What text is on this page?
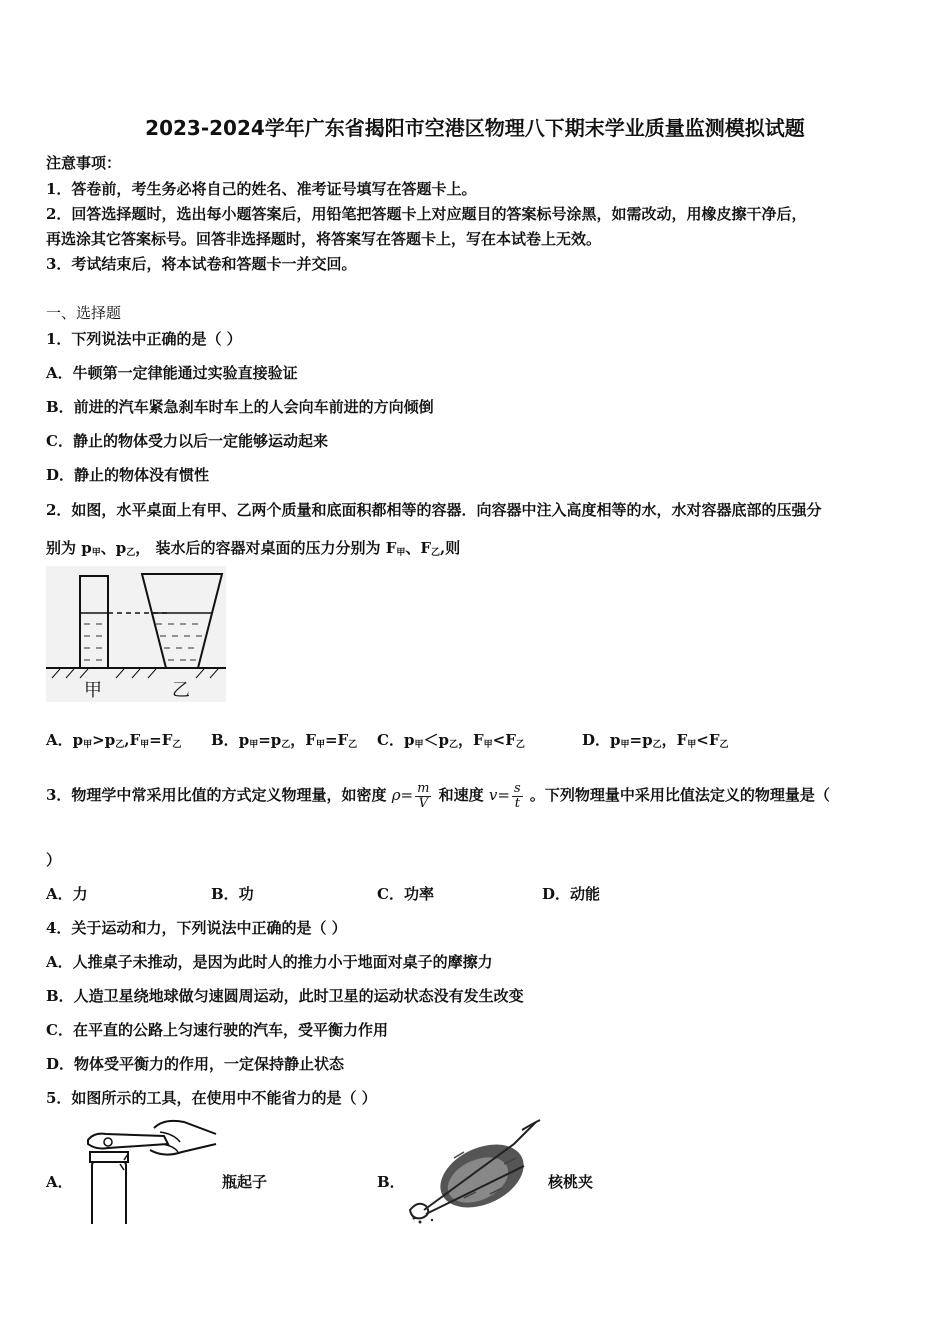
2023-2024学年广东省揭阳市空港区物理八下期末学业质量监测模拟试题
注意事项：
1．答卷前，考生务必将自己的姓名、准考证号填写在答题卡上。
2．回答选择题时，选出每小题答案后，用铅笔把答题卡上对应题目的答案标号涂黑，如需改动，用橡皮擦干净后，
再选涂其它答案标号。回答非选择题时，将答案写在答题卡上，写在本试卷上无效。
3．考试结束后，将本试卷和答题卡一并交回。
一、选择题
1．下列说法中正确的是（ ）
A．牛顿第一定律能通过实验直接验证
B．前进的汽车紧急刹车时车上的人会向车前进的方向倾倒
C．静止的物体受力以后一定能够运动起来
D．静止的物体没有惯性
2．如图，水平桌面上有甲、乙两个质量和底面积都相等的容器．向容器中注入高度相等的水，水对容器底部的压强分
别为 $p_甲$、$p_乙$， 装水后的容器对桌面的压力分别为 $F_甲$、$F_乙$,则
甲	乙
A．$p_甲>p_乙,F_甲=F_乙$ B．$p_甲=p_乙$，$F_甲=F_乙$ C．$p_甲<p_乙$，$F_甲<F_乙$	D．$p_甲=p_乙$，$F_甲<F_乙$
3．物理学中常采用比值的方式定义物理量，如密度 $\rho= \frac{m}{V}$ 和速度 $v= \frac{s}{t}$ 。下列物理量中采用比值法定义的物理量是（
）
A．力	B．功	C．功率	D．动能
4．关于运动和力，下列说法中正确的是（ ）
A．人推桌子未推动，是因为此时人的推力小于地面对桌子的摩擦力
B．人造卫星绕地球做匀速圆周运动，此时卫星的运动状态没有发生改变
C．在平直的公路上匀速行驶的汽车，受平衡力作用
D．物体受平衡力的作用，一定保持静止状态
5．如图所示的工具，在使用中不能省力的是（ ）
A．	瓶起子	B．	核桃夹
